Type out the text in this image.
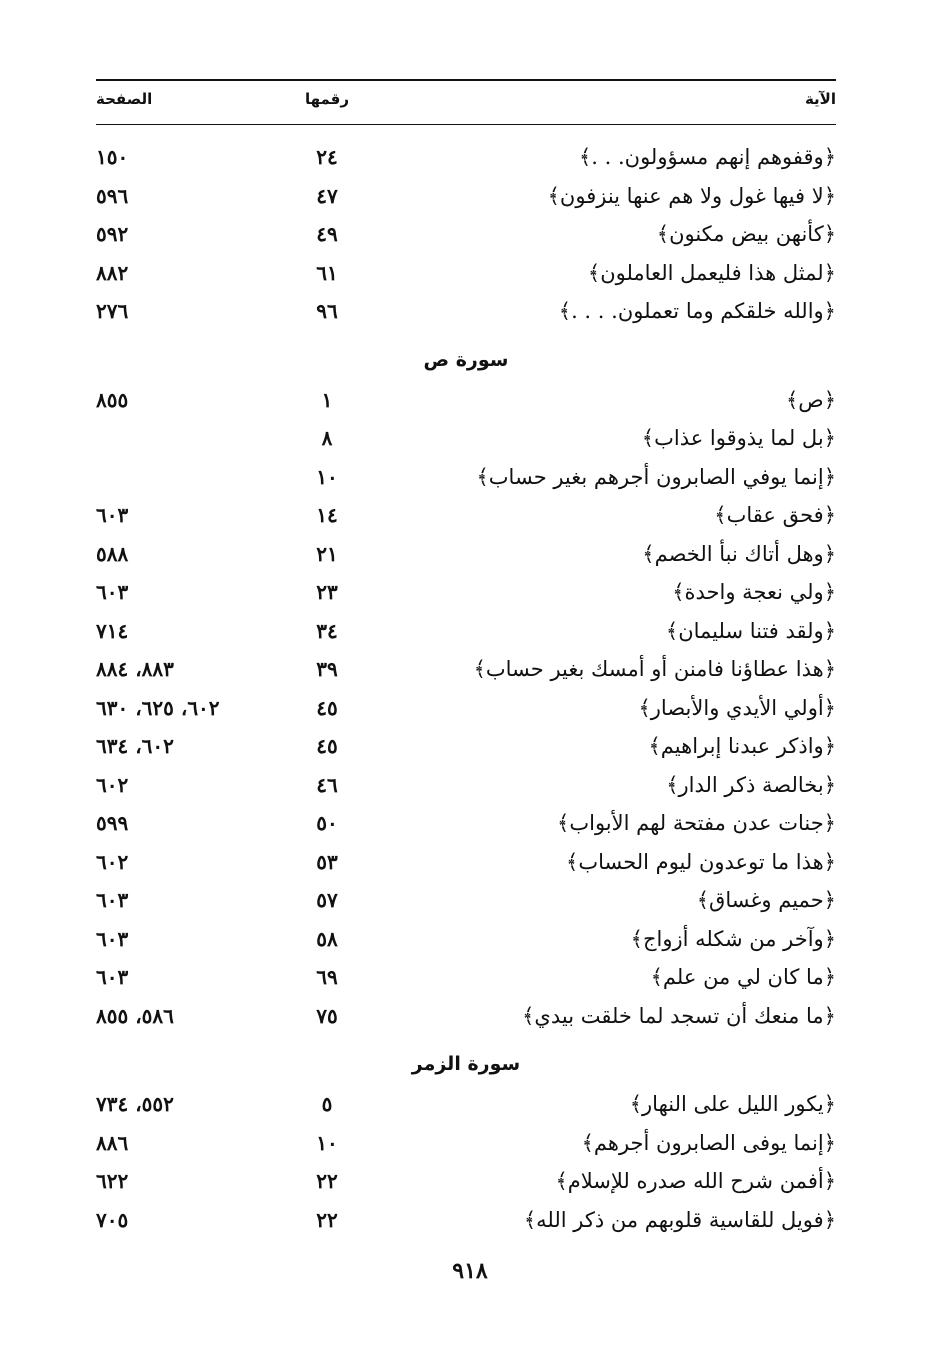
الآية
رقمها
الصفحة
﴿وقفوهم إنهم مسؤولون. . .﴾
٢٤
١٥٠
﴿لا فيها غول ولا هم عنها ينزفون﴾
٤٧
٥٩٦
﴿كأنهن بيض مكنون﴾
٤٩
٥٩٢
﴿لمثل هذا فليعمل العاملون﴾
٦١
٨٨٢
﴿والله خلقكم وما تعملون. . . .﴾
٩٦
٢٧٦
سورة ص
﴿ص﴾
١
٨٥٥
﴿بل لما يذوقوا عذاب﴾
٨
﴿إنما يوفي الصابرون أجرهم بغير حساب﴾
١٠
﴿فحق عقاب﴾
١٤
٦٠٣
﴿وهل أتاك نبأ الخصم﴾
٢١
٥٨٨
﴿ولي نعجة واحدة﴾
٢٣
٦٠٣
﴿ولقد فتنا سليمان﴾
٣٤
٧١٤
﴿هذا عطاؤنا فامنن أو أمسك بغير حساب﴾
٣٩
٨٨٣، ٨٨٤
﴿أولي الأيدي والأبصار﴾
٤٥
٦٠٢، ٦٢٥، ٦٣٠
﴿واذكر عبدنا إبراهيم﴾
٤٥
٦٠٢، ٦٣٤
﴿بخالصة ذكر الدار﴾
٤٦
٦٠٢
﴿جنات عدن مفتحة لهم الأبواب﴾
٥٠
٥٩٩
﴿هذا ما توعدون ليوم الحساب﴾
٥٣
٦٠٢
﴿حميم وغساق﴾
٥٧
٦٠٣
﴿وآخر من شكله أزواج﴾
٥٨
٦٠٣
﴿ما كان لي من علم﴾
٦٩
٦٠٣
﴿ما منعك أن تسجد لما خلقت بيدي﴾
٧٥
٥٨٦، ٨٥٥
سورة الزمر
﴿يكور الليل على النهار﴾
٥
٥٥٢، ٧٣٤
﴿إنما يوفى الصابرون أجرهم﴾
١٠
٨٨٦
﴿أفمن شرح الله صدره للإسلام﴾
٢٢
٦٢٢
﴿فويل للقاسية قلوبهم من ذكر الله﴾
٢٢
٧٠٥
٩١٨
